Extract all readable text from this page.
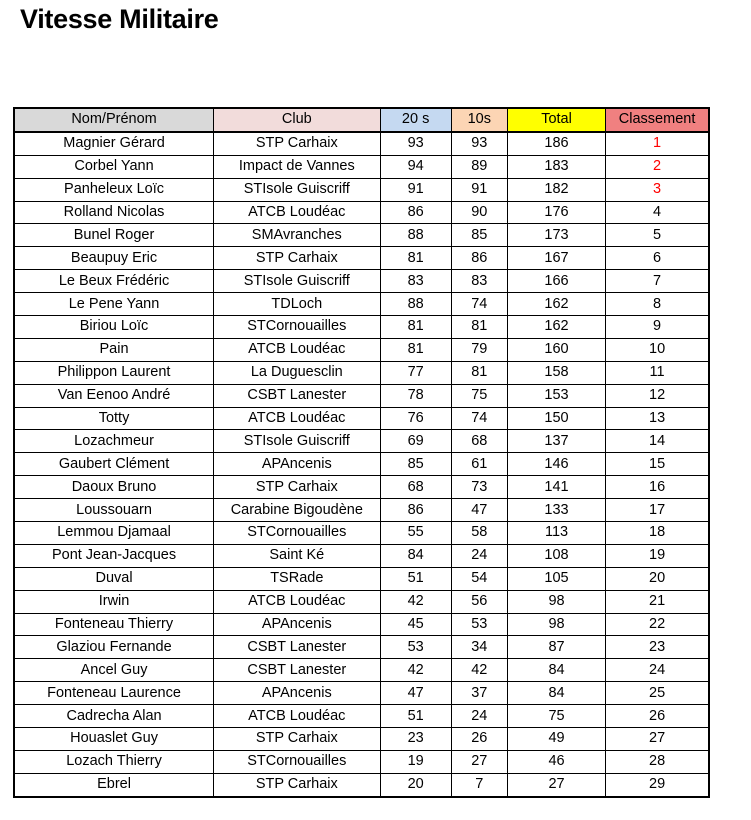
Vitesse Militaire
Nom/Prénom	Club	20 s	10s	Total	Classement
Magnier Gérard	STP Carhaix	93	93	186	1
Corbel Yann	Impact de Vannes	94	89	183	2
Panheleux Loïc	STIsole Guiscriff	91	91	182	3
Rolland Nicolas	ATCB Loudéac	86	90	176	4
Bunel Roger	SMAvranches	88	85	173	5
Beaupuy Eric	STP Carhaix	81	86	167	6
Le Beux Frédéric	STIsole Guiscriff	83	83	166	7
Le Pene Yann	TDLoch	88	74	162	8
Biriou Loïc	STCornouailles	81	81	162	9
Pain	ATCB Loudéac	81	79	160	10
Philippon Laurent	La Duguesclin	77	81	158	11
Van Eenoo André	CSBT Lanester	78	75	153	12
Totty	ATCB Loudéac	76	74	150	13
Lozachmeur	STIsole Guiscriff	69	68	137	14
Gaubert Clément	APAncenis	85	61	146	15
Daoux Bruno	STP Carhaix	68	73	141	16
Loussouarn	Carabine Bigoudène	86	47	133	17
Lemmou Djamaal	STCornouailles	55	58	113	18
Pont Jean-Jacques	Saint Ké	84	24	108	19
Duval	TSRade	51	54	105	20
Irwin	ATCB Loudéac	42	56	98	21
Fonteneau Thierry	APAncenis	45	53	98	22
Glaziou Fernande	CSBT Lanester	53	34	87	23
Ancel Guy	CSBT Lanester	42	42	84	24
Fonteneau Laurence	APAncenis	47	37	84	25
Cadrecha Alan	ATCB Loudéac	51	24	75	26
Houaslet Guy	STP Carhaix	23	26	49	27
Lozach Thierry	STCornouailles	19	27	46	28
Ebrel	STP Carhaix	20	7	27	29
